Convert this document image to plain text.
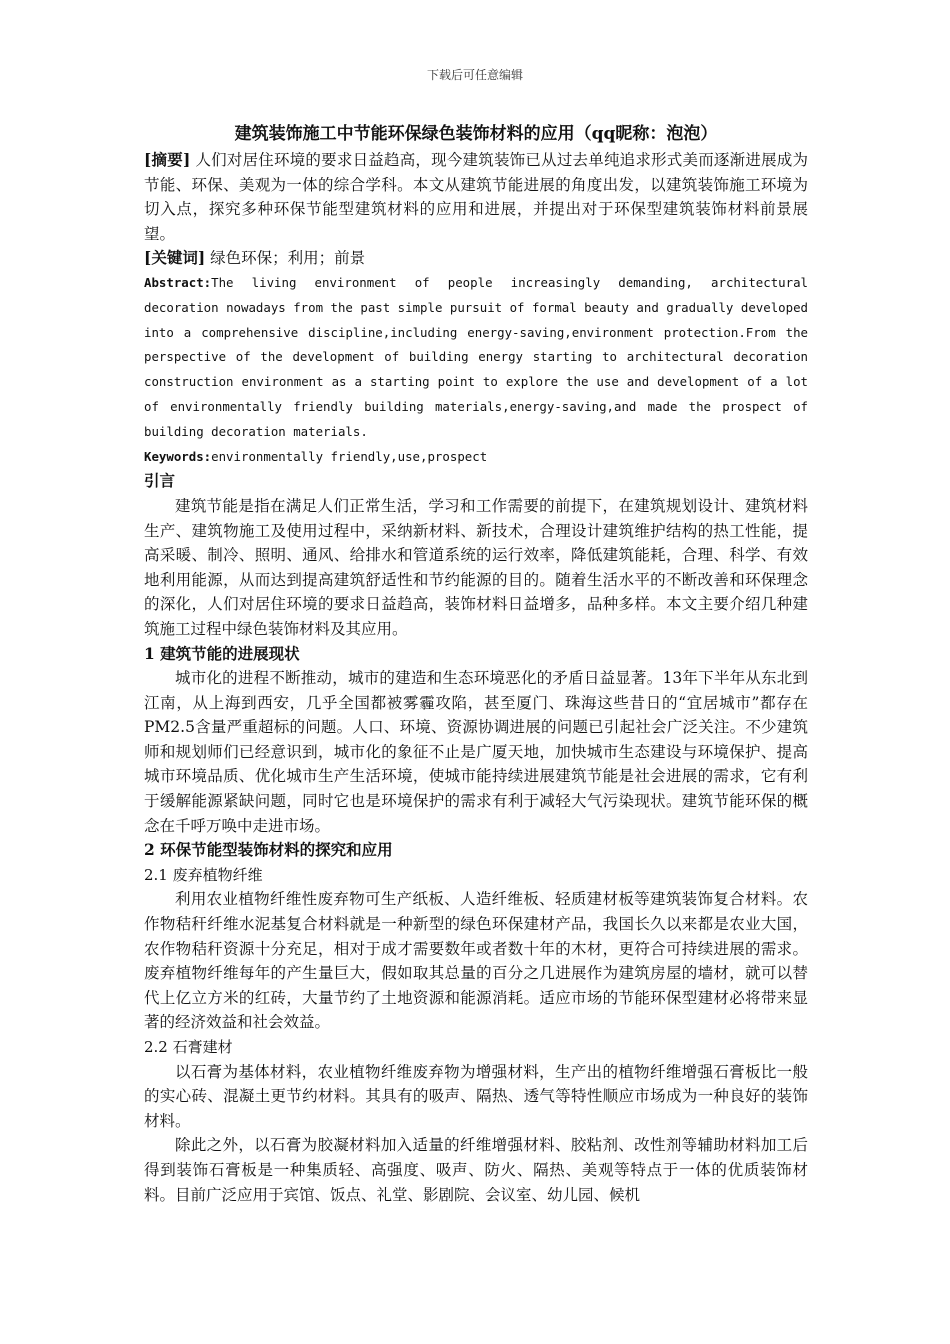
下载后可任意编辑
建筑装饰施工中节能环保绿色装饰材料的应用（qq昵称：泡泡）

[摘要] 人们对居住环境的要求日益趋高，现今建筑装饰已从过去单纯追求形式美而逐渐进展成为节能、环保、美观为一体的综合学科。本文从建筑节能进展的角度出发，以建筑装饰施工环境为切入点，探究多种环保节能型建筑材料的应用和进展，并提出对于环保型建筑装饰材料前景展望。

[关键词] 绿色环保；利用；前景

Abstract:The living environment of people increasingly demanding, architectural decoration nowadays from the past simple pursuit of formal beauty and gradually developed into a comprehensive discipline,including energy-saving,environment protection.From the perspective of the development of building energy starting to architectural decoration construction environment as a starting point to explore the use and development of a lot of environmentally friendly building materials,energy-saving,and made the prospect of building decoration materials.

Keywords:environmentally friendly,use,prospect

引言

建筑节能是指在满足人们正常生活，学习和工作需要的前提下，在建筑规划设计、建筑材料生产、建筑物施工及使用过程中，采纳新材料、新技术，合理设计建筑维护结构的热工性能，提高采暖、制冷、照明、通风、给排水和管道系统的运行效率，降低建筑能耗，合理、科学、有效地利用能源，从而达到提高建筑舒适性和节约能源的目的。随着生活水平的不断改善和环保理念的深化，人们对居住环境的要求日益趋高，装饰材料日益增多，品种多样。本文主要介绍几种建筑施工过程中绿色装饰材料及其应用。

1 建筑节能的进展现状

城市化的进程不断推动，城市的建造和生态环境恶化的矛盾日益显著。13年下半年从东北到江南，从上海到西安，几乎全国都被雾霾攻陷，甚至厦门、珠海这些昔日的“宜居城市”都存在PM2.5含量严重超标的问题。人口、环境、资源协调进展的问题已引起社会广泛关注。不少建筑师和规划师们已经意识到，城市化的象征不止是广厦天地，加快城市生态建设与环境保护、提高城市环境品质、优化城市生产生活环境，使城市能持续进展建筑节能是社会进展的需求，它有利于缓解能源紧缺问题，同时它也是环境保护的需求有利于减轻大气污染现状。建筑节能环保的概念在千呼万唤中走进市场。

2 环保节能型装饰材料的探究和应用

2.1 废弃植物纤维

利用农业植物纤维性废弃物可生产纸板、人造纤维板、轻质建材板等建筑装饰复合材料。农作物秸秆纤维水泥基复合材料就是一种新型的绿色环保建材产品，我国长久以来都是农业大国，农作物秸秆资源十分充足，相对于成才需要数年或者数十年的木材，更符合可持续进展的需求。废弃植物纤维每年的产生量巨大，假如取其总量的百分之几进展作为建筑房屋的墙材，就可以替代上亿立方米的红砖，大量节约了土地资源和能源消耗。适应市场的节能环保型建材必将带来显著的经济效益和社会效益。

2.2 石膏建材

以石膏为基体材料，农业植物纤维废弃物为增强材料，生产出的植物纤维增强石膏板比一般的实心砖、混凝土更节约材料。其具有的吸声、隔热、透气等特性顺应市场成为一种良好的装饰材料。

除此之外，以石膏为胶凝材料加入适量的纤维增强材料、胶粘剂、改性剂等辅助材料加工后得到装饰石膏板是一种集质轻、高强度、吸声、防火、隔热、美观等特点于一体的优质装饰材料。目前广泛应用于宾馆、饭点、礼堂、影剧院、会议室、幼儿园、候机
